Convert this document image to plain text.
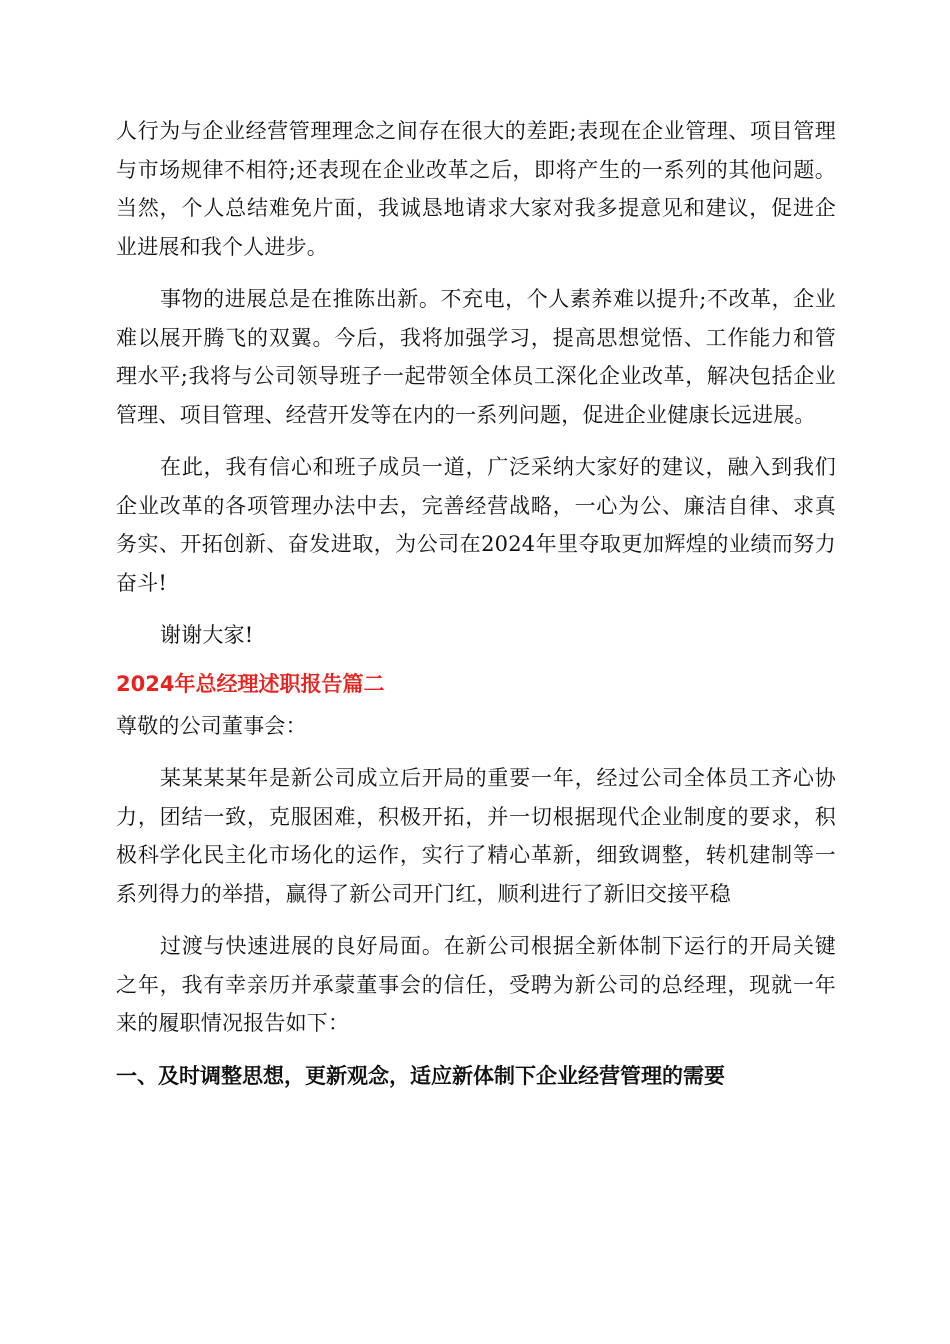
人行为与企业经营管理理念之间存在很大的差距;表现在企业管理、项目管理与市场规律不相符;还表现在企业改革之后，即将产生的一系列的其他问题。当然，个人总结难免片面，我诚恳地请求大家对我多提意见和建议，促进企业进展和我个人进步。

事物的进展总是在推陈出新。不充电，个人素养难以提升;不改革，企业难以展开腾飞的双翼。今后，我将加强学习，提高思想觉悟、工作能力和管理水平;我将与公司领导班子一起带领全体员工深化企业改革，解决包括企业管理、项目管理、经营开发等在内的一系列问题，促进企业健康长远进展。

在此，我有信心和班子成员一道，广泛采纳大家好的建议，融入到我们企业改革的各项管理办法中去，完善经营战略，一心为公、廉洁自律、求真务实、开拓创新、奋发进取，为公司在2024年里夺取更加辉煌的业绩而努力奋斗!

谢谢大家!

2024年总经理述职报告篇二

尊敬的公司董事会：

某某某某年是新公司成立后开局的重要一年，经过公司全体员工齐心协力，团结一致，克服困难，积极开拓，并一切根据现代企业制度的要求，积极科学化民主化市场化的运作，实行了精心革新，细致调整，转机建制等一系列得力的举措，赢得了新公司开门红，顺利进行了新旧交接平稳

过渡与快速进展的良好局面。在新公司根据全新体制下运行的开局关键之年，我有幸亲历并承蒙董事会的信任，受聘为新公司的总经理，现就一年来的履职情况报告如下：

一、及时调整思想，更新观念，适应新体制下企业经营管理的需要
